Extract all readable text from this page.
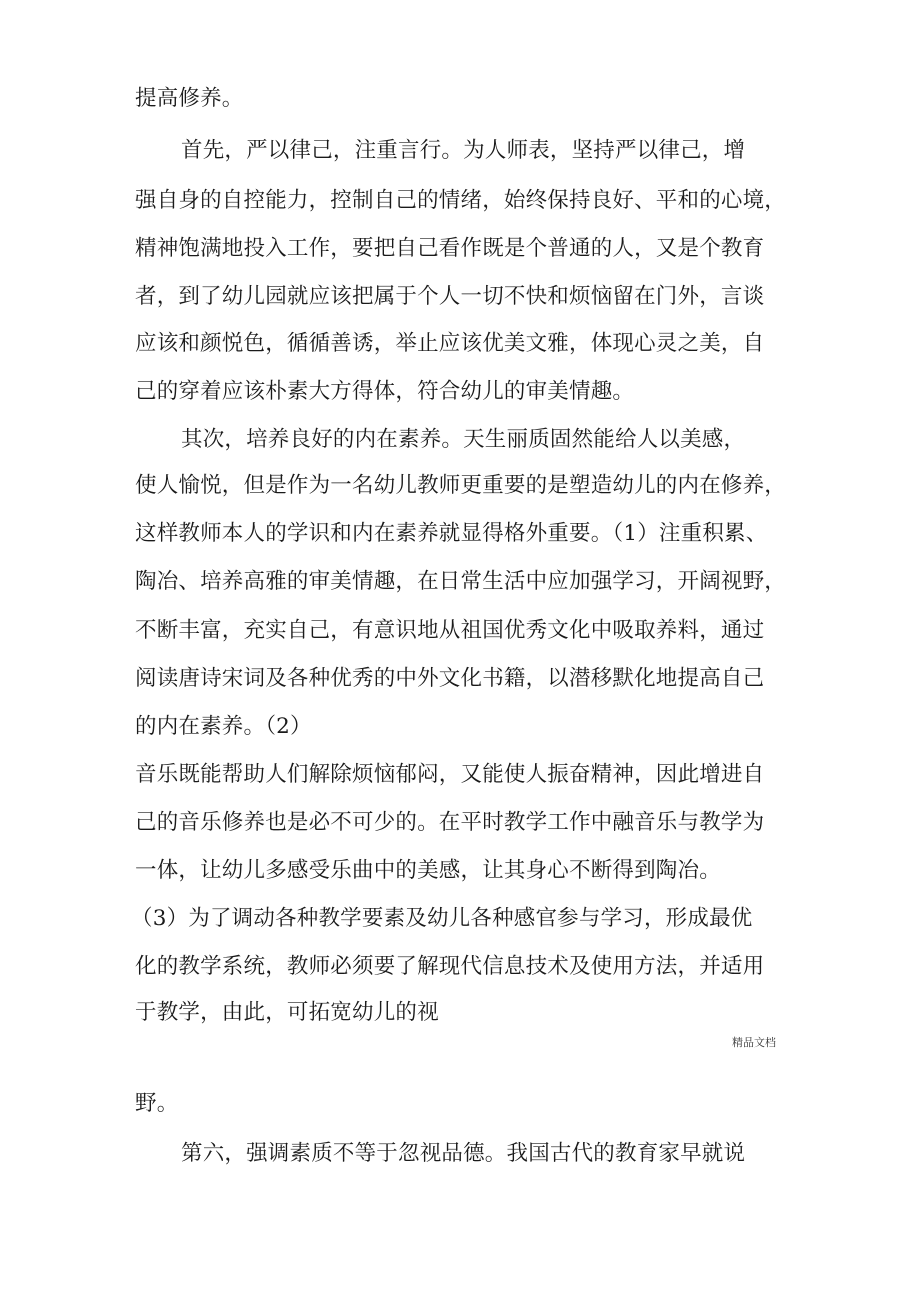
提高修养。

首先，严以律己，注重言行。为人师表，坚持严以律己，增

强自身的自控能力，控制自己的情绪，始终保持良好、平和的心境，

精神饱满地投入工作，要把自己看作既是个普通的人，又是个教育

者，到了幼儿园就应该把属于个人一切不快和烦恼留在门外，言谈

应该和颜悦色，循循善诱，举止应该优美文雅，体现心灵之美，自

己的穿着应该朴素大方得体，符合幼儿的审美情趣。

其次，培养良好的内在素养。天生丽质固然能给人以美感，

使人愉悦，但是作为一名幼儿教师更重要的是塑造幼儿的内在修养，

这样教师本人的学识和内在素养就显得格外重要。（1）注重积累、

陶冶、培养高雅的审美情趣，在日常生活中应加强学习，开阔视野，

不断丰富，充实自己，有意识地从祖国优秀文化中吸取养料，通过

阅读唐诗宋词及各种优秀的中外文化书籍，以潜移默化地提高自己

的内在素养。（2）

音乐既能帮助人们解除烦恼郁闷，又能使人振奋精神，因此增进自

己的音乐修养也是必不可少的。在平时教学工作中融音乐与教学为

一体，让幼儿多感受乐曲中的美感，让其身心不断得到陶冶。

（3）为了调动各种教学要素及幼儿各种感官参与学习，形成最优

化的教学系统，教师必须要了解现代信息技术及使用方法，并适用

于教学，由此，可拓宽幼儿的视

精品文档

野。

第六，强调素质不等于忽视品德。我国古代的教育家早就说
